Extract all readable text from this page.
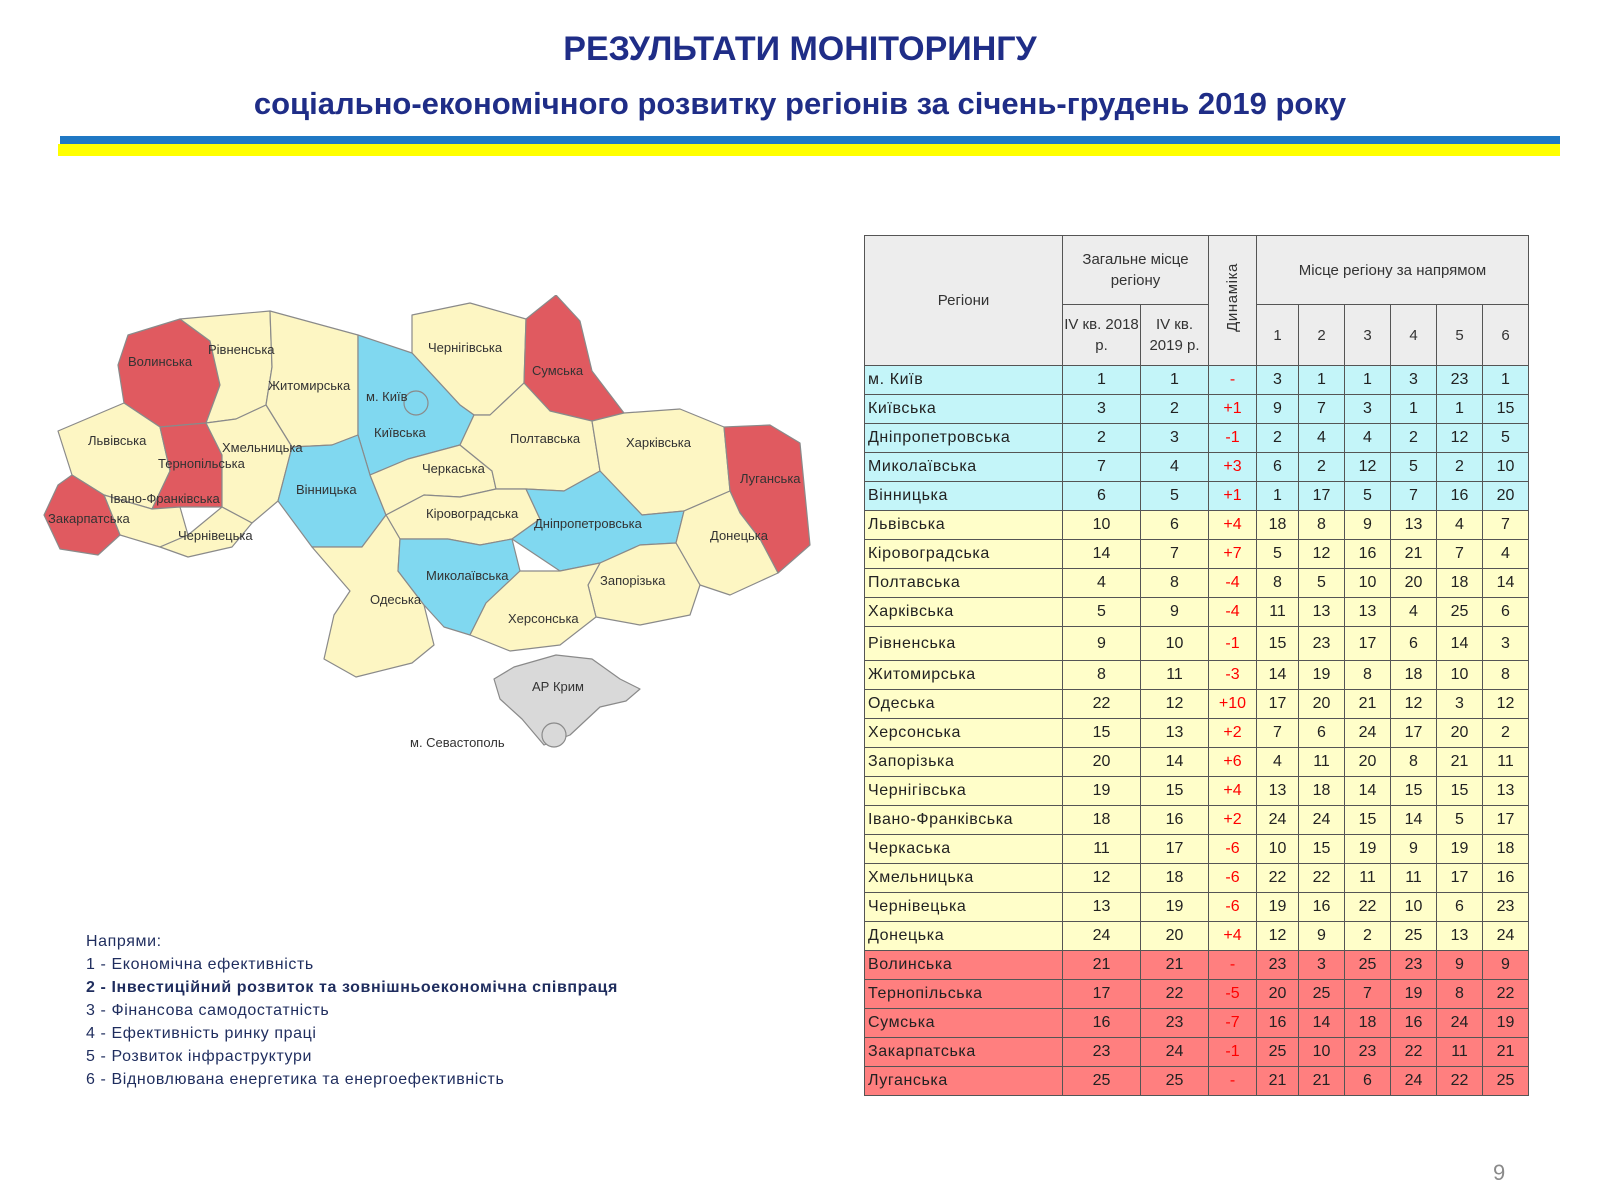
РЕЗУЛЬТАТИ МОНІТОРИНГУ
соціально-економічного розвитку регіонів за січень-грудень 2019 року
Волинська
Рівненська
Житомирська
м. Київ
Київська
Чернігівська
Сумська
Львівська
Тернопільська
Хмельницька
Вінницька
Черкаська
Полтавська	Харківська
Луганська
Івано-Франківська
Закарпатська
Чернівецька
Кіровоградська
Дніпропетровська
Донецька
Одеська
Миколаївська	Запорізька
Херсонська
АР Крим
м. Севастополь
Напрями:
1 - Економічна ефективність
2 - Інвестиційний розвиток та зовнішньоекономічна співпраця
3 - Фінансова самодостатність
4 - Ефективність ринку праці
5 - Розвиток інфраструктури
6 - Відновлювана енергетика та енергоефективність
Регіони	Загальне місце регіону		Динаміка	Місце регіону за напрямом					
	IV кв. 2018 р.	IV кв. 2019 р.		1	2	3	4	5	6
м. Київ	1	1	-	3	1	1	3	23	1
Київська	3	2	+1	9	7	3	1	1	15
Дніпропетровська	2	3	-1	2	4	4	2	12	5
Миколаївська	7	4	+3	6	2	12	5	2	10
Вінницька	6	5	+1	1	17	5	7	16	20
Львівська	10	6	+4	18	8	9	13	4	7
Кіровоградська	14	7	+7	5	12	16	21	7	4
Полтавська	4	8	-4	8	5	10	20	18	14
Харківська	5	9	-4	11	13	13	4	25	6
Рівненська	9	10	-1	15	23	17	6	14	3
Житомирська	8	11	-3	14	19	8	18	10	8
Одеська	22	12	+10	17	20	21	12	3	12
Херсонська	15	13	+2	7	6	24	17	20	2
Запорізька	20	14	+6	4	11	20	8	21	11
Чернігівська	19	15	+4	13	18	14	15	15	13
Івано-Франківська	18	16	+2	24	24	15	14	5	17
Черкаська	11	17	-6	10	15	19	9	19	18
Хмельницька	12	18	-6	22	22	11	11	17	16
Чернівецька	13	19	-6	19	16	22	10	6	23
Донецька	24	20	+4	12	9	2	25	13	24
Волинська	21	21	-	23	3	25	23	9	9
Тернопільська	17	22	-5	20	25	7	19	8	22
Сумська	16	23	-7	16	14	18	16	24	19
Закарпатська	23	24	-1	25	10	23	22	11	21
Луганська	25	25	-	21	21	6	24	22	25
9
